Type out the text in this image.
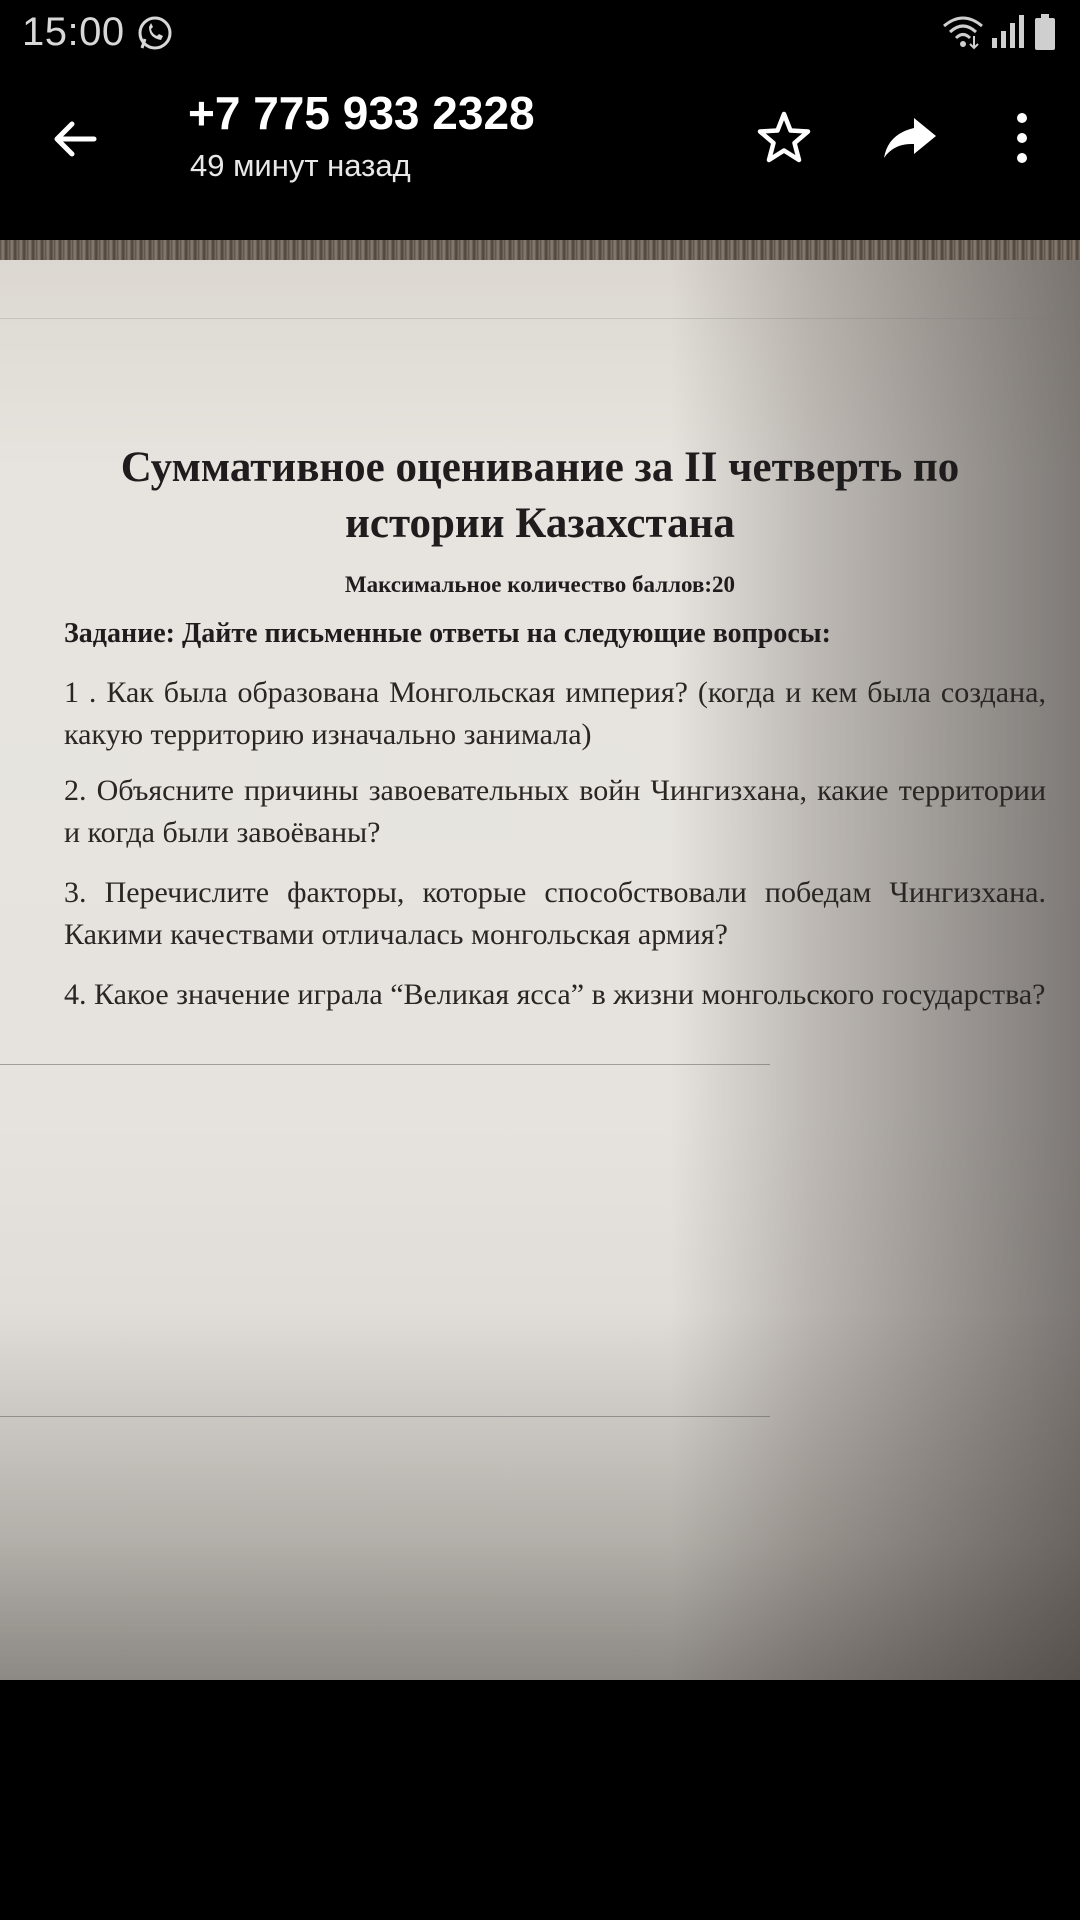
15:00
+7 775 933 2328
49 минут назад
Суммативное оценивание за II четверть по
истории Казахстана
Максимальное количество баллов:20
Задание: Дайте письменные ответы на следующие вопросы:
1 . Как была образована Монгольская империя? (когда и кем была создана, какую территорию изначально занимала)
2. Объясните причины завоевательных войн Чингизхана, какие территории и когда были завоёваны?
3. Перечислите факторы, которые способствовали победам Чингизхана. Какими качествами отличалась монгольская армия?
4. Какое значение играла “Великая ясса” в жизни монгольского государства?
